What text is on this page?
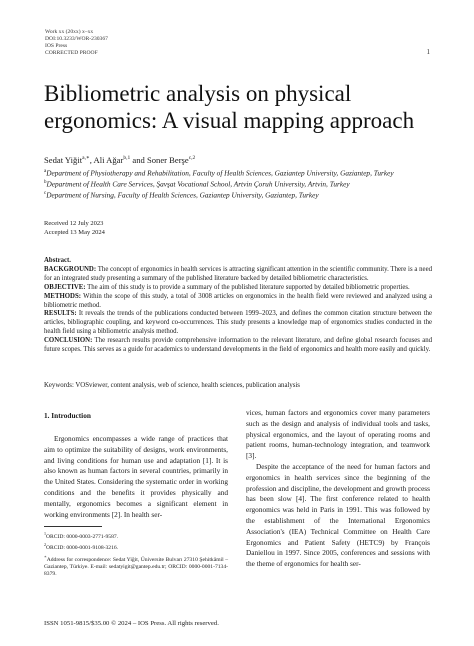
Work xx (20xx) x–xx
DOI:10.3233/WOR-230367
IOS Press
CORRECTED PROOF	1
Bibliometric analysis on physical ergonomics: A visual mapping approach
Sedat Yiğit$^{a,∗}$, Ali Ağar$^{b,1}$ and Soner Berşe$^{c,2}$
$^a$Department of Physiotherapy and Rehabilitation, Faculty of Health Sciences, Gaziantep University, Gaziantep, Turkey
$^b$Department of Health Care Services, Şavşat Vocational School, Artvin Çoruh University, Artvin, Turkey
$^c$Department of Nursing, Faculty of Health Sciences, Gaziantep University, Gaziantep, Turkey
Received 12 July 2023
Accepted 13 May 2024
Abstract.

BACKGROUND: The concept of ergonomics in health services is attracting significant attention in the scientific community. There is a need for an integrated study presenting a summary of the published literature backed by detailed bibliometric characteristics.

OBJECTIVE: The aim of this study is to provide a summary of the published literature supported by detailed bibliometric properties.

METHODS: Within the scope of this study, a total of 3008 articles on ergonomics in the health field were reviewed and analyzed using a bibliometric method.

RESULTS: It reveals the trends of the publications conducted between 1999–2023, and defines the common citation structure between the articles, bibliographic coupling, and keyword co-occurrences. This study presents a knowledge map of ergonomics studies conducted in the health field using a bibliometric analysis method.

CONCLUSION: The research results provide comprehensive information to the relevant literature, and define global research focuses and future scopes. This serves as a guide for academics to understand developments in the field of ergonomics and health more easily and quickly.

Keywords: VOSviewer, content analysis, web of science, health sciences, publication analysis
1. Introduction

Ergonomics encompasses a wide range of practices that aim to optimize the suitability of designs, work environments, and living conditions for human use and adaptation [1]. It is also known as human factors in several countries, primarily in the United States. Considering the systematic order in working conditions and the benefits it provides physically and mentally, ergonomics becomes a significant element in working environments [2]. In health ser-

$^1$ORCID: 0000-0003-2771-9587.

$^2$ORCID: 0000-0001-9108-3216.

∗Address for correspondence: Sedat Yiğit, Üniversite Bulvarı 27310 Şehitkâmil – Gaziantep, Türkiye. E-mail: sedatyigit@gantep.edu.tr; ORCID: 0000-0001-7134-8379.

vices, human factors and ergonomics cover many parameters such as the design and analysis of individual tools and tasks, physical ergonomics, and the layout of operating rooms and patient rooms, human-technology integration, and teamwork [3].

Despite the acceptance of the need for human factors and ergonomics in health services since the beginning of the profession and discipline, the development and growth process has been slow [4]. The first conference related to health ergonomics was held in Paris in 1991. This was followed by the establishment of the International Ergonomics Association's (IEA) Technical Committee on Health Care Ergonomics and Patient Safety (HETC9) by François Daniellou in 1997. Since 2005, conferences and sessions with the theme of ergonomics for health ser-

ISSN 1051-9815/$35.00 © 2024 – IOS Press. All rights reserved.
